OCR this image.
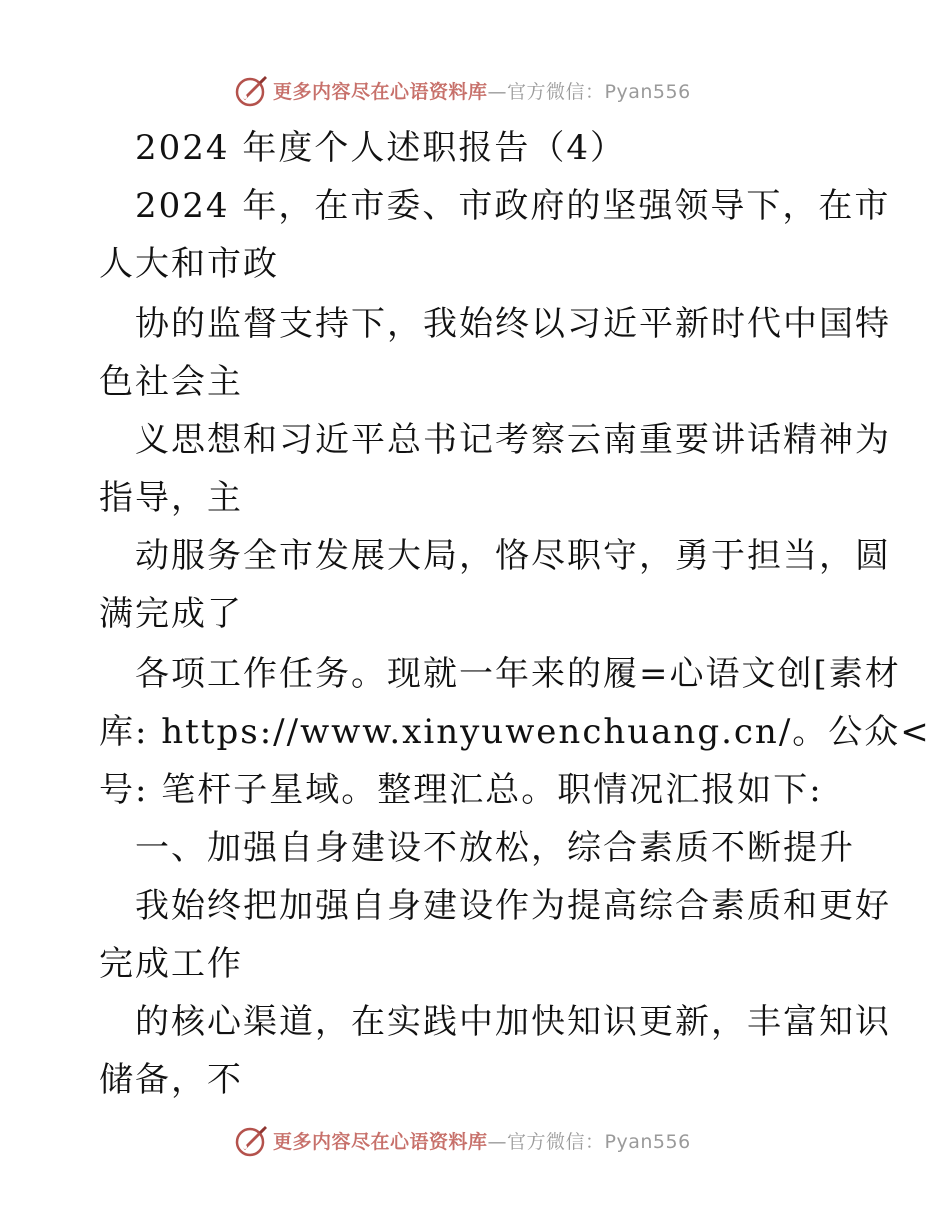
更多内容尽在心语资料库 —官方微信：Pyan556
2024 年度个人述职报告（4）
2024 年，在市委、市政府的坚强领导下，在市
人大和市政
协的监督支持下，我始终以习近平新时代中国特
色社会主
义思想和习近平总书记考察云南重要讲话精神为
指导，主
动服务全市发展大局，恪尽职守，勇于担当，圆
满完成了
各项工作任务。现就一年来的履=心语文创[素材
库: https://www.xinyuwenchuang.cn/。公众<
号: 笔杆子星域。整理汇总。职情况汇报如下:
一、加强自身建设不放松，综合素质不断提升
我始终把加强自身建设作为提高综合素质和更好
完成工作
的核心渠道，在实践中加快知识更新，丰富知识
储备，不
更多内容尽在心语资料库 —官方微信：Pyan556
